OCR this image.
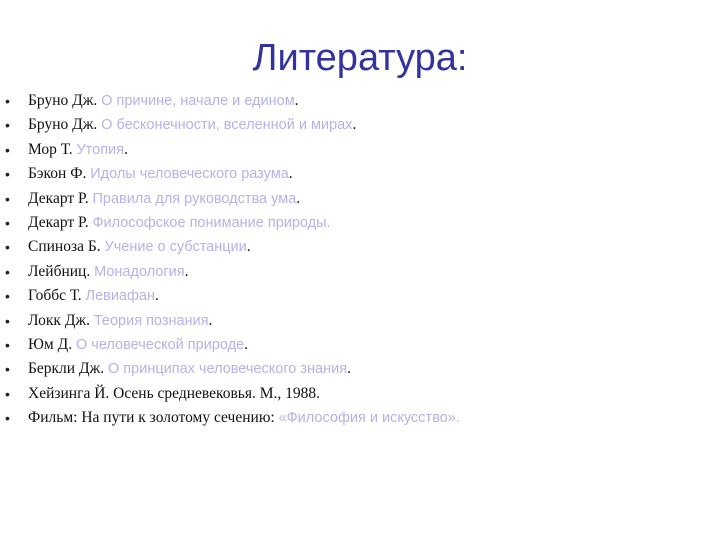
Литература:
• Бруно Дж. О причине, начале и едином.
• Бруно Дж. О бесконечности, вселенной и мирах.
• Мор Т. Утопия.
• Бэкон Ф. Идолы человеческого разума.
• Декарт Р. Правила для руководства ума.
• Декарт Р. Философское понимание природы.
• Спиноза Б. Учение о субстанции.
• Лейбниц. Монадология.
• Гоббс Т. Левиафан.
• Локк Дж. Теория познания.
• Юм Д. О человеческой природе.
• Беркли Дж. О принципах человеческого знания.
• Хейзинга Й. Осень средневековья. М., 1988.
• Фильм: На пути к золотому сечению: «Философия и искусство».
